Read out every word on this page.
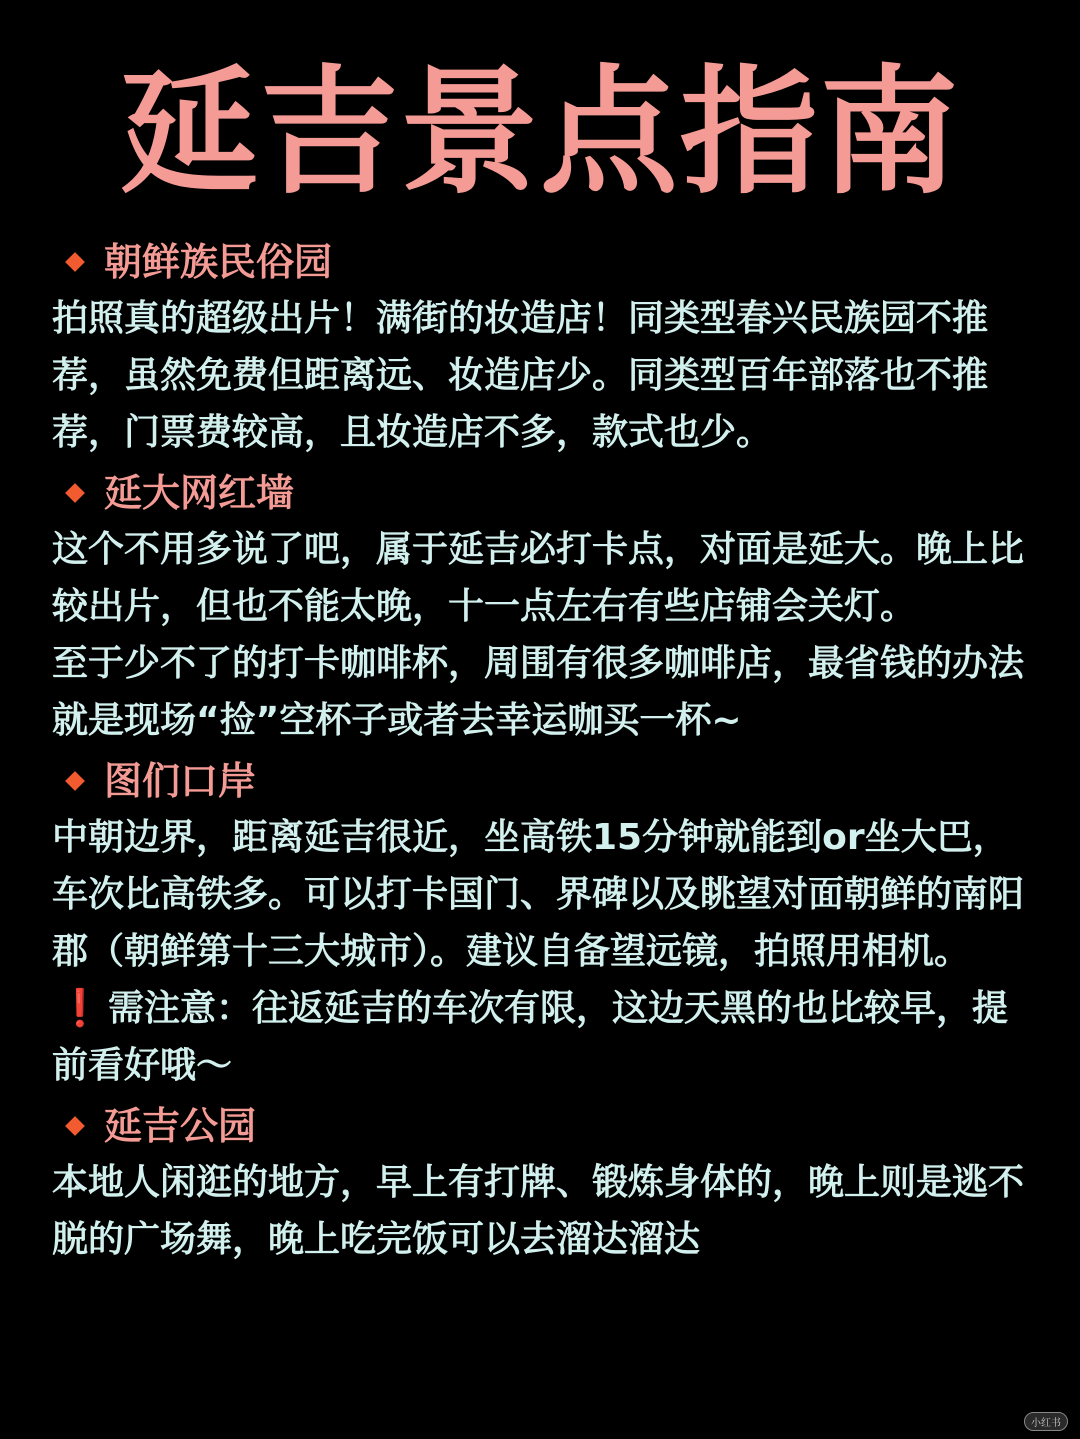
延吉景点指南
朝鲜族民俗园

拍照真的超级出片！满街的妆造店！同类型春兴民族园不推荐，虽然免费但距离远、妆造店少。同类型百年部落也不推荐，门票费较高，且妆造店不多，款式也少。

延大网红墙

这个不用多说了吧，属于延吉必打卡点，对面是延大。晚上比较出片，但也不能太晚，十一点左右有些店铺会关灯。

至于少不了的打卡咖啡杯，周围有很多咖啡店，最省钱的办法就是现场“捡”空杯子或者去幸运咖买一杯~

图们口岸

中朝边界，距离延吉很近，坐高铁15分钟就能到or坐大巴，车次比高铁多。可以打卡国门、界碑以及眺望对面朝鲜的南阳郡（朝鲜第十三大城市）。建议自备望远镜，拍照用相机。

❗ 需注意：往返延吉的车次有限，这边天黑的也比较早，提前看好哦～

延吉公园

本地人闲逛的地方，早上有打牌、锻炼身体的，晚上则是逃不脱的广场舞，晚上吃完饭可以去溜达溜达

小红书
